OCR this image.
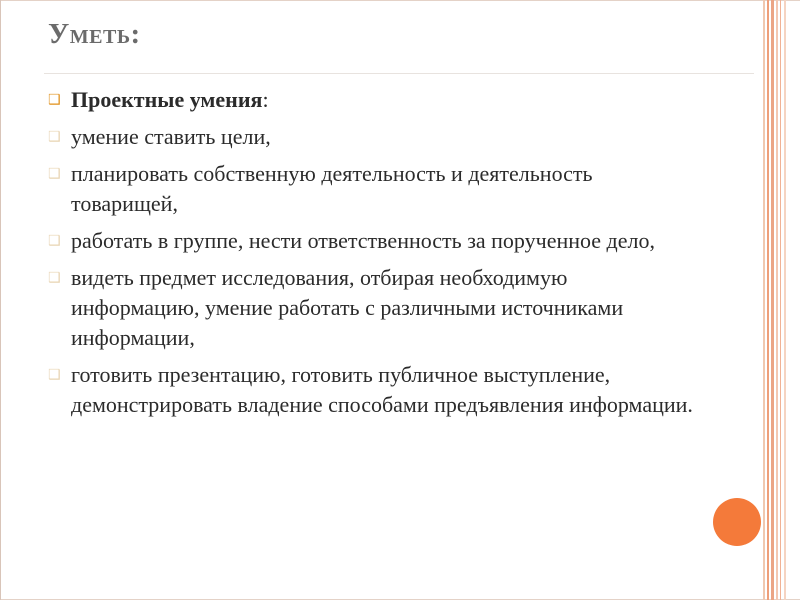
Уметь:
❑ Проектные умения:
❑ умение ставить цели,
❑ планировать собственную деятельность и деятельность товарищей,
❑ работать в группе, нести ответственность за порученное дело,
❑ видеть предмет исследования, отбирая необходимую информацию, умение работать с различными источниками информации,
❑ готовить презентацию, готовить публичное выступление, демонстрировать владение способами предъявления информации.
